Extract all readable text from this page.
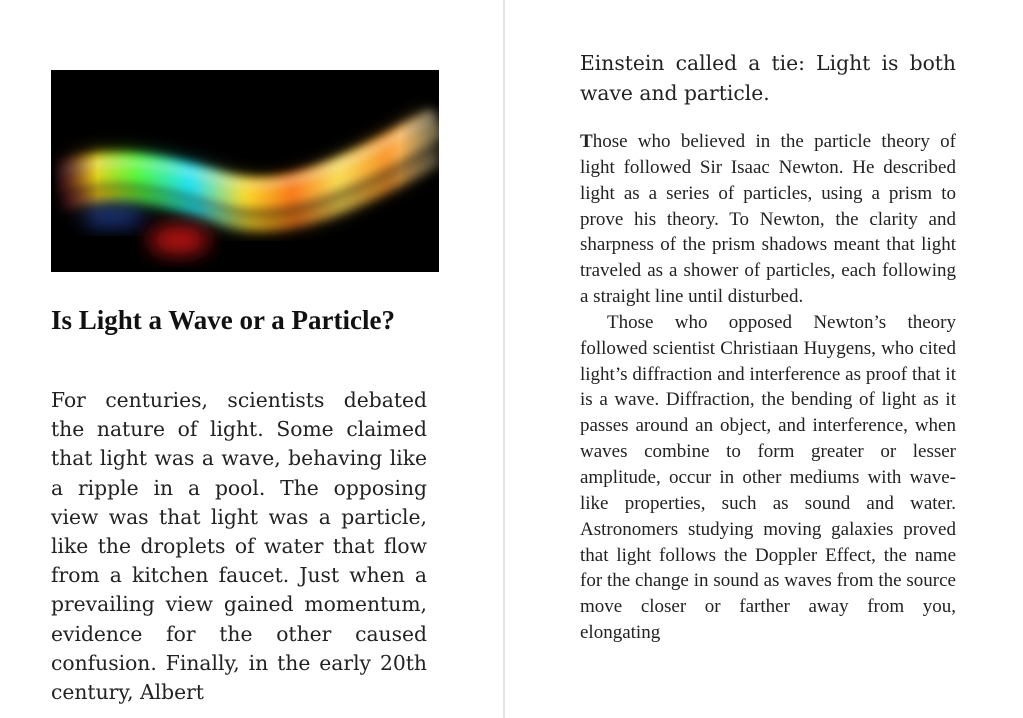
Is Light a Wave or a Particle?

For centuries, scientists debated the nature of light. Some claimed that light was a wave, behaving like a ripple in a pool. The opposing view was that light was a particle, like the droplets of water that flow from a kitchen faucet. Just when a prevailing view gained momentum, evidence for the other caused confusion. Finally, in the early 20th century, Albert

Einstein called a tie: Light is both wave and particle.

Those who believed in the particle theory of light followed Sir Isaac Newton. He described light as a series of particles, using a prism to prove his theory. To Newton, the clarity and sharpness of the prism shadows meant that light traveled as a shower of particles, each following a straight line until disturbed.

Those who opposed Newton’s theory followed scientist Christiaan Huygens, who cited light’s diffraction and interference as proof that it is a wave. Diffraction, the bending of light as it passes around an object, and interference, when waves combine to form greater or lesser amplitude, occur in other mediums with wave-like properties, such as sound and water. Astronomers studying moving galaxies proved that light follows the Doppler Effect, the name for the change in sound as waves from the source move closer or farther away from you, elongating
